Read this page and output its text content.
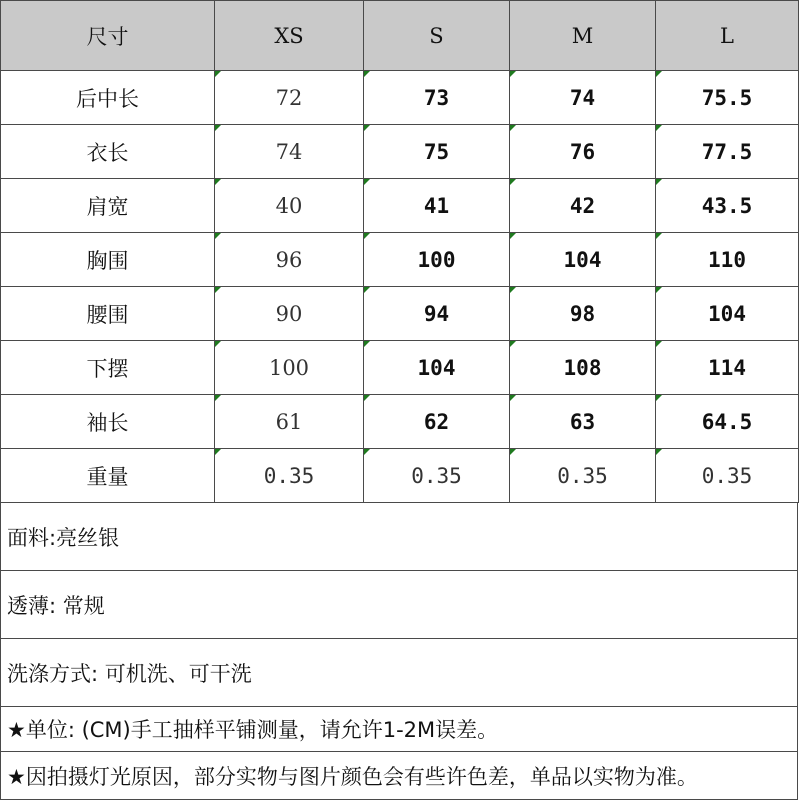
尺寸	XS	S	M	L
后中长	72	73	74	75.5
衣长	74	75	76	77.5
肩宽	40	41	42	43.5
胸围	96	100	104	110
腰围	90	94	98	104
下摆	100	104	108	114
袖长	61	62	63	64.5
重量	0.35	0.35	0.35	0.35
面料:亮丝银
透薄: 常规
洗涤方式: 可机洗、可干洗
★单位: (CM)手工抽样平铺测量，请允许1-2M误差。
★因拍摄灯光原因，部分实物与图片颜色会有些许色差，单品以实物为准。
